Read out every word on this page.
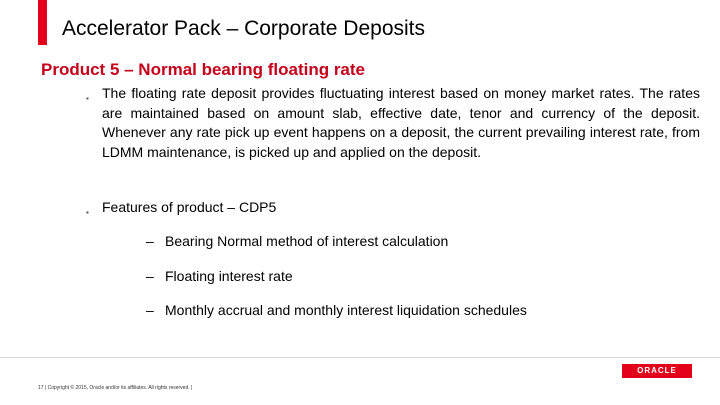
Accelerator Pack – Corporate Deposits
Product 5 – Normal bearing floating rate
▪ The floating rate deposit provides fluctuating interest based on money market rates. The rates are maintained based on amount slab, effective date, tenor and currency of the deposit. Whenever any rate pick up event happens on a deposit, the current prevailing interest rate, from LDMM maintenance, is picked up and applied on the deposit.
▪ Features of product – CDP5
– Bearing Normal method of interest calculation
– Floating interest rate
– Monthly accrual and monthly interest liquidation schedules
ORACLE
17 | Copyright © 2015, Oracle and/or its affiliates. All rights reserved. |
